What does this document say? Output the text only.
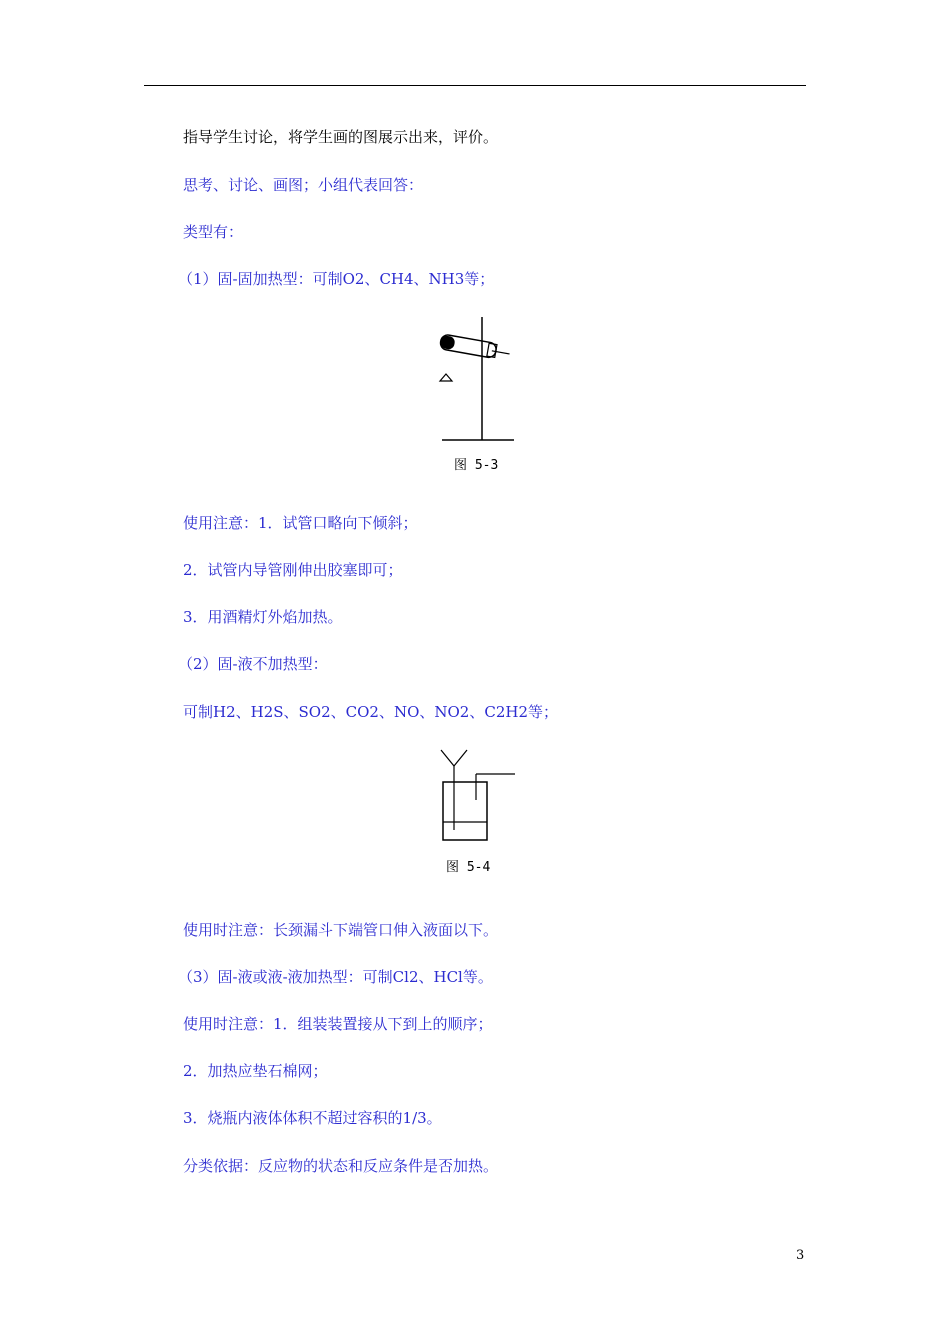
指导学生讨论，将学生画的图展示出来，评价。
思考、讨论、画图；小组代表回答：
类型有：
（1）固-固加热型：可制O2、CH4、NH3等；
图 5-3
使用注意：1．试管口略向下倾斜；
2．试管内导管刚伸出胶塞即可；
3．用酒精灯外焰加热。
（2）固-液不加热型：
可制H2、H2S、SO2、CO2、NO、NO2、C2H2等；
图 5-4
使用时注意：长颈漏斗下端管口伸入液面以下。
（3）固-液或液-液加热型：可制Cl2、HCl等。
使用时注意：1．组装装置接从下到上的顺序；
2．加热应垫石棉网；
3．烧瓶内液体体积不超过容积的1/3。
分类依据：反应物的状态和反应条件是否加热。
3
